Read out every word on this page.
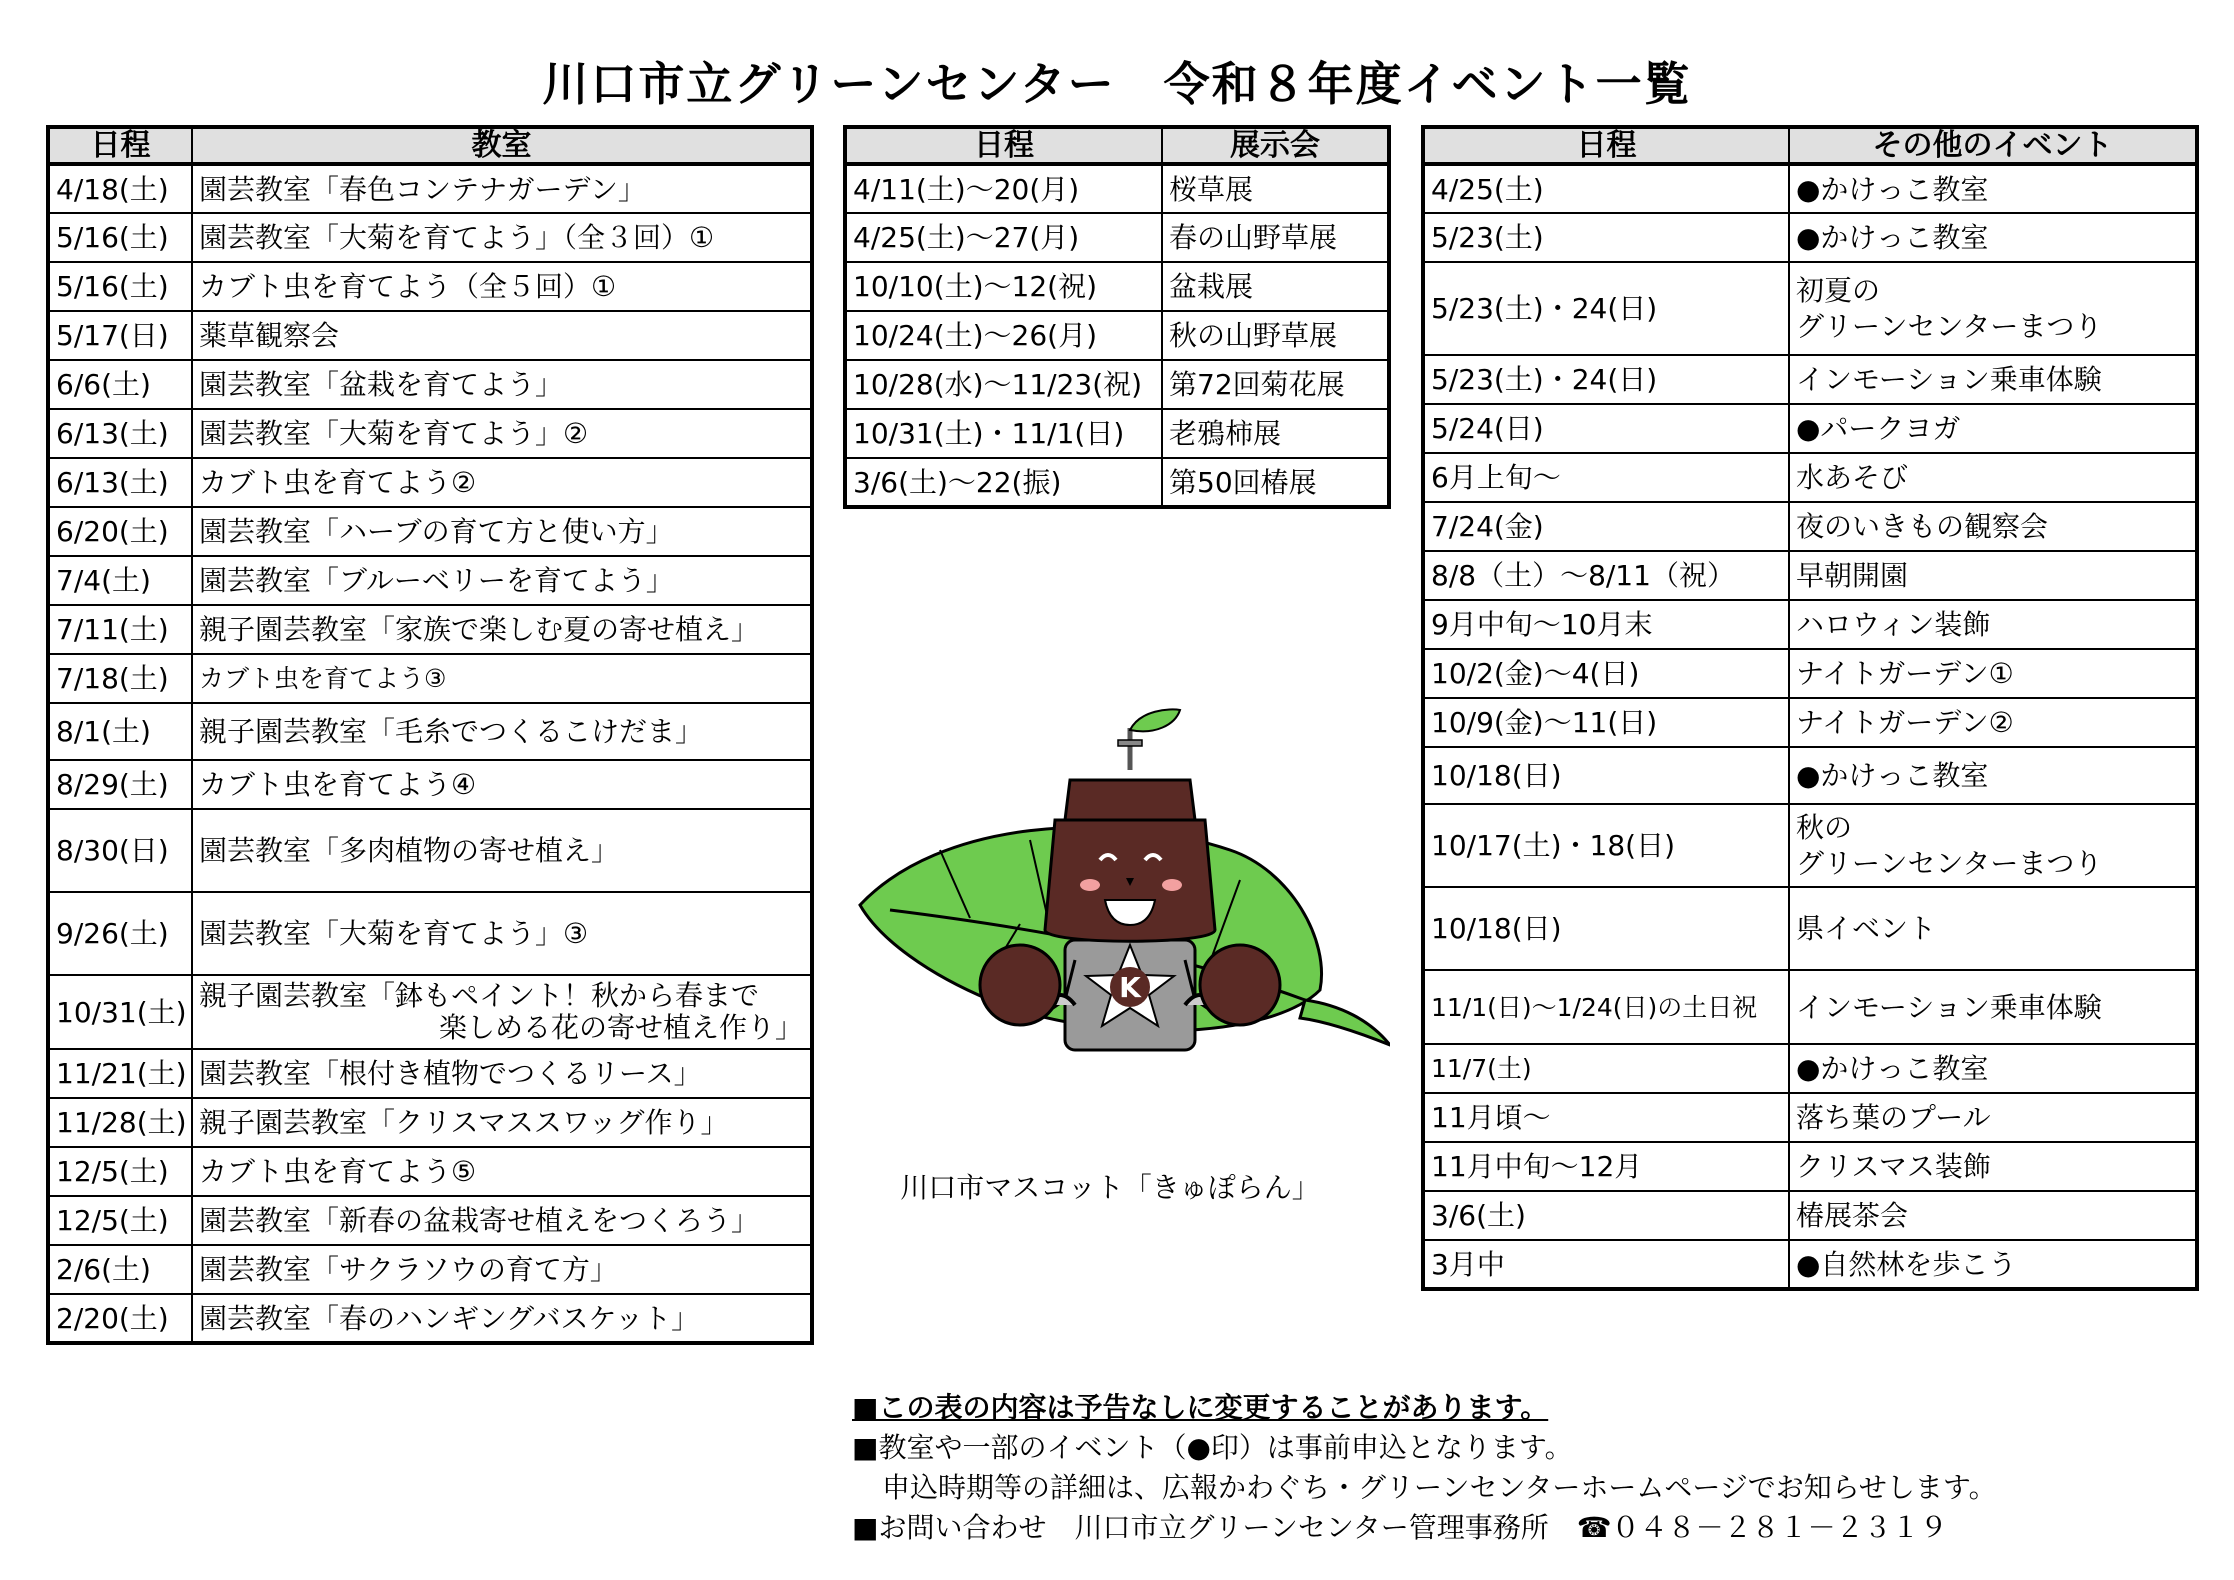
川口市立グリーンセンター　令和８年度イベント一覧
日程	教室
4/18(土)	園芸教室「春色コンテナガーデン」
5/16(土)	園芸教室「大菊を育てよう」（全３回）①
5/16(土)	カブト虫を育てよう（全５回）①
5/17(日)	薬草観察会
6/6(土)	園芸教室「盆栽を育てよう」
6/13(土)	園芸教室「大菊を育てよう」②
6/13(土)	カブト虫を育てよう②
6/20(土)	園芸教室「ハーブの育て方と使い方」
7/4(土)	園芸教室「ブルーベリーを育てよう」
7/11(土)	親子園芸教室「家族で楽しむ夏の寄せ植え」
7/18(土)	カブト虫を育てよう③
8/1(土)	親子園芸教室「毛糸でつくるこけだま」
8/29(土)	カブト虫を育てよう④
8/30(日)	園芸教室「多肉植物の寄せ植え」
9/26(土)	園芸教室「大菊を育てよう」③
10/31(土)	親子園芸教室「鉢もペイント！秋から春まで
楽しめる花の寄せ植え作り」

11/21(土)	園芸教室「根付き植物でつくるリース」
11/28(土)	親子園芸教室「クリスマススワッグ作り」
12/5(土)	カブト虫を育てよう⑤
12/5(土)	園芸教室「新春の盆栽寄せ植えをつくろう」
2/6(土)	園芸教室「サクラソウの育て方」
2/20(土)	園芸教室「春のハンギングバスケット」
日程	展示会
4/11(土)～20(月)	桜草展
4/25(土)～27(月)	春の山野草展
10/10(土)～12(祝)	盆栽展
10/24(土)～26(月)	秋の山野草展
10/28(水)～11/23(祝)	第72回菊花展
10/31(土)・11/1(日)	老鴉柿展
3/6(土)～22(振)	第50回椿展
日程	その他のイベント
4/25(土)	●かけっこ教室
5/23(土)	●かけっこ教室
5/23(土)・24(日)	初夏の
グリーンセンターまつり
5/23(土)・24(日)	インモーション乗車体験
5/24(日)	●パークヨガ
6月上旬～	水あそび
7/24(金)	夜のいきもの観察会
8/8（土）～8/11（祝）	早朝開園
9月中旬～10月末	ハロウィン装飾
10/2(金)～4(日)	ナイトガーデン①
10/9(金)～11(日)	ナイトガーデン②
10/18(日)	●かけっこ教室
10/17(土)・18(日)	秋の
グリーンセンターまつり
10/18(日)	県イベント
11/1(日)～1/24(日)の土日祝	インモーション乗車体験
11/7(土)	●かけっこ教室
11月頃～	落ち葉のプール
11月中旬～12月	クリスマス装飾
3/6(土)	椿展茶会
3月中	●自然林を歩こう
K
川口市マスコット「きゅぽらん」
■この表の内容は予告なしに変更することがあります。
■教室や一部のイベント（●印）は事前申込となります。
申込時期等の詳細は、広報かわぐち・グリーンセンターホームページでお知らせします。
■お問い合わせ　川口市立グリーンセンター管理事務所　☎０４８－２８１－２３１９
